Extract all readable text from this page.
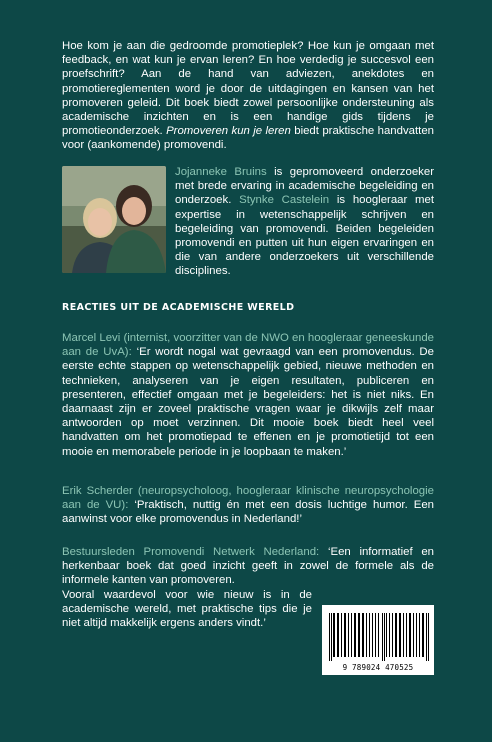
Hoe kom je aan die gedroomde promotieplek? Hoe kun je omgaan met feedback, en wat kun je ervan leren? En hoe verdedig je succesvol een proefschrift? Aan de hand van adviezen, anekdotes en promotiereglementen word je door de uitdagingen en kansen van het promoveren geleid. Dit boek biedt zowel persoonlijke ondersteuning als academische inzichten en is een handige gids tijdens je promotieonderzoek. Promoveren kun je leren biedt praktische handvatten voor (aankomende) promovendi.

Jojanneke Bruins is gepromoveerd onderzoeker met brede ervaring in academische begeleiding en onderzoek. Stynke Castelein is hoogleraar met expertise in wetenschappelijk schrijven en begeleiding van promovendi. Beiden begeleiden promovendi en putten uit hun eigen ervaringen en die van andere onderzoekers uit verschillende disciplines.

REACTIES UIT DE ACADEMISCHE WERELD

Marcel Levi (internist, voorzitter van de NWO en hoogleraar geneeskunde aan de UvA): ‘Er wordt nogal wat gevraagd van een promovendus. De eerste echte stappen op wetenschappelijk gebied, nieuwe methoden en technieken, analyseren van je eigen resultaten, publiceren en presenteren, effectief omgaan met je begeleiders: het is niet niks. En daarnaast zijn er zoveel praktische vragen waar je dikwijls zelf maar antwoorden op moet verzinnen. Dit mooie boek biedt heel veel handvatten om het promotiepad te effenen en je promotietijd tot een mooie en memorabele periode in je loopbaan te maken.’

Erik Scherder (neuropsycholoog, hoogleraar klinische neuropsychologie aan de VU): ‘Praktisch, nuttig én met een dosis luchtige humor. Een aanwinst voor elke promovendus in Nederland!’

Bestuursleden Promovendi Netwerk Nederland: ‘Een informatief en herkenbaar boek dat goed inzicht geeft in zowel de formele als de informele kanten van promoveren.
Vooral waardevol voor wie nieuw is in de academische wereld, met praktische tips die je niet altijd makkelijk ergens anders vindt.’

9 789024 470525
